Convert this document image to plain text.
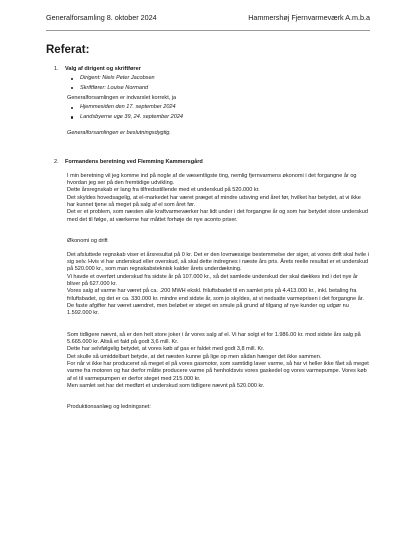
Generalforsamling 8. oktober 2024	Hammershøj Fjernvarmeværk A.m.b.a
Referat:
1. Valg af dirigent og skriftfører
Dirigent: Niels Peter Jacobsen
Skriftfører: Louise Normand

Generalforsamlingen er indvarslet korrekt, ja

Hjemmesiden den 17. september 2024
Landsbyerne uge 39, 24. september 2024

Generalforsamlingen er beslutningsdygtig.

2. Formandens beretning ved Flemming Kammersgård

I min beretning vil jeg komme ind på nogle af de væsentligste ting, nemlig fjernvarmens økonomi i det forgangne år og hvordan jeg ser på den fremtidige udvikling.

Dette årsregnskab er lang fra tilfredsstillende med et underskud på 520.000 kr.

Det skyldes hovedsagelig, at el-markedet har været præget af mindre udsving end året før, hvilket har betydet, at vi ikke har kunnet tjene så meget på salg af el som året før.

Det er et problem, som næsten alle kraftvarmeværker har lidt under i det forgangne år og som har betydet store underskud med det til følge, at værkerne har måttet forhøje de nye aconto priser.

Økonomi og drift

Det afsluttede regnskab viser et årsresultat på 0 kr. Det er den lovmæssige bestemmelse der siger, at vores drift skal hvile i sig selv. Hvis vi har underskud eller overskud, så skal dette indregnes i næste års pris. Årets reelle resultat er et underskud på 520.000 kr., som man regnskabsteknisk kalder årets underdækning.

Vi havde et overført underskud fra sidste år på 107.000 kr., så det samlede underskud der skal dækkes ind i det nye år bliver på 627.000 kr.

Vores salg af varme har været på ca. .200 MWH ekskl. friluftsbadet til en samlet pris på 4.413.000 kr., inkl. betaling fra friluftsbadet, og det er ca. 330.000 kr. mindre end sidste år, som jo skyldes, at vi nedsatte varmeprisen i det forgangne år.

De faste afgifter har været uændret, men beløbet er steget en smule på grund af tilgang af nye kunder og udgør nu 1.592.000 kr.

Som tidligere nævnt, så er den helt store joker i år vores salg af el. Vi har solgt el for 1.986.00 kr. mod sidste års salg på 5.665.000 kr. Altså et fald på godt 3,6 mill. Kr.

Dette har selvfølgelig betydet, at vores køb af gas er faldet med godt 3,8 mill. Kr.

Det skulle så umiddelbart betyde, at det næsten kunne gå lige op men sådan hænger det ikke sammen.

For når vi ikke har produceret så meget el på vores gasmotor, som samtidig laver varme, så har vi heller ikke fået så meget varme fra motoren og har derfor måtte producere varme på henholdsvis vores gaskedel og vores varmepumpe. Vores køb af el til varmepumpen er derfor steget med 215.000 kr.

Men samlet set har det medført et underskud som tidligere nævnt på 520.000 kr.

Produktionsanlæg og ledningsnet:
